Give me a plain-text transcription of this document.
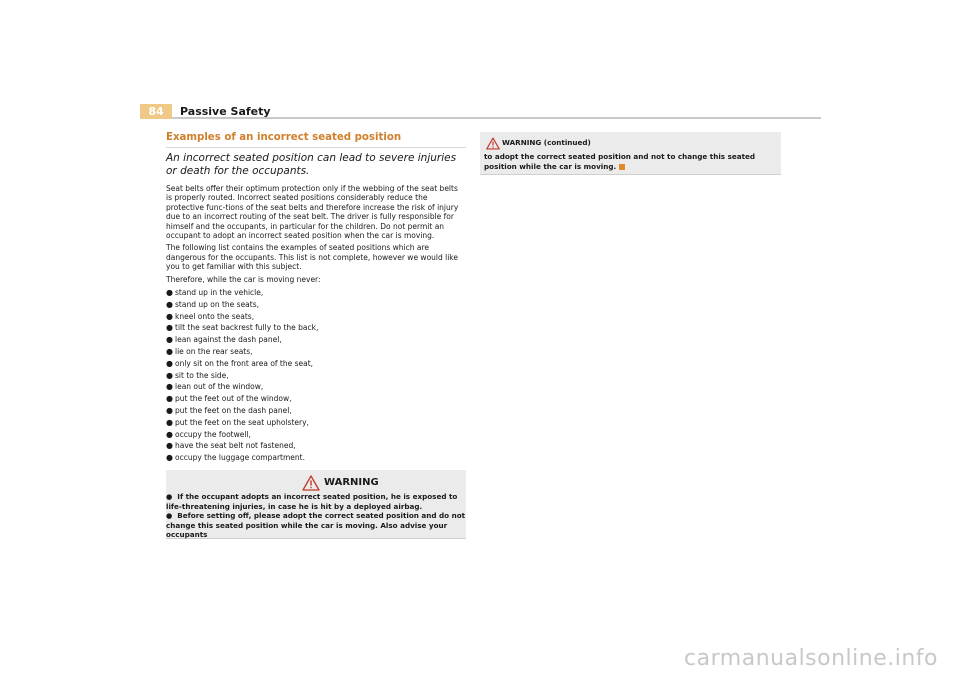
84	Passive Safety
Examples of an incorrect seated position
An incorrect seated position can lead to severe injuries or death for the occupants.

Seat belts offer their optimum protection only if the webbing of the seat belts is properly routed. Incorrect seated positions considerably reduce the protective func-tions of the seat belts and therefore increase the risk of injury due to an incorrect routing of the seat belt. The driver is fully responsible for himself and the occupants, in particular for the children. Do not permit an occupant to adopt an incorrect seated position when the car is moving.

The following list contains the examples of seated positions which are dangerous for the occupants. This list is not complete, however we would like you to get familiar with this subject.

Therefore, while the car is moving never:

● stand up in the vehicle,
● stand up on the seats,
● kneel onto the seats,
● tilt the seat backrest fully to the back,
● lean against the dash panel,
● lie on the rear seats,
● only sit on the front area of the seat,
● sit to the side,
● lean out of the window,
● put the feet out of the window,
● put the feet on the dash panel,
● put the feet on the seat upholstery,
● occupy the footwell,
● have the seat belt not fastened,
● occupy the luggage compartment.
WARNING

● If the occupant adopts an incorrect seated position, he is exposed to life-threatening injuries, in case he is hit by a deployed airbag.

● Before setting off, please adopt the correct seated position and do not change this seated position while the car is moving. Also advise your occupants

WARNING (continued)
to adopt the correct seated position and not to change this seated position while the car is moving.
carmanualsonline.info
